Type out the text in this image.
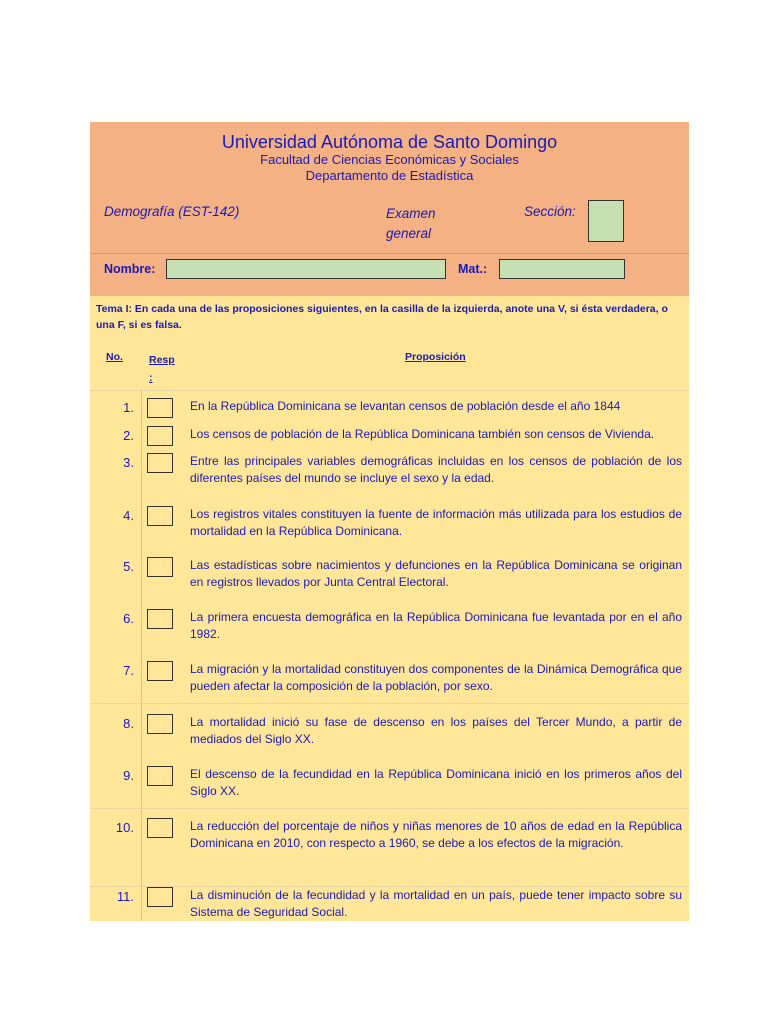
Universidad Autónoma de Santo Domingo
Facultad de Ciencias Económicas y Sociales
Departamento de Estadística
Demografía (EST-142)	Examen general
Sección:
Nombre:	Mat.:
Tema I: En cada una de las proposiciones siguientes, en la casilla de la izquierda, anote una V, si ésta verdadera, o una F, si es falsa.
No. Resp :
Proposición
1.	En la República Dominicana se levantan censos de población desde el año 1844
2.	Los censos de población de la República Dominicana también son censos de Vivienda.
3.	Entre las principales variables demográficas incluidas en los censos de población de los diferentes países del mundo se incluye el sexo y la edad.
4.	Los registros vitales constituyen la fuente de información más utilizada para los estudios de mortalidad en la República Dominicana.
5.	Las estadísticas sobre nacimientos y defunciones en la República Dominicana se originan en registros llevados por Junta Central Electoral.
6.	La primera encuesta demográfica en la República Dominicana fue levantada por en el año 1982.
7.	La migración y la mortalidad constituyen dos componentes de la Dinámica Demográfica que pueden afectar la composición de la población, por sexo.
8.	La mortalidad inició su fase de descenso en los países del Tercer Mundo, a partir de mediados del Siglo XX.
9.	El descenso de la fecundidad en la República Dominicana inició en los primeros años del Siglo XX.
10.	La reducción del porcentaje de niños y niñas menores de 10 años de edad en la República Dominicana en 2010, con respecto a 1960, se debe a los efectos de la migración.
11.	La disminución de la fecundidad y la mortalidad en un país, puede tener impacto sobre su Sistema de Seguridad Social.
